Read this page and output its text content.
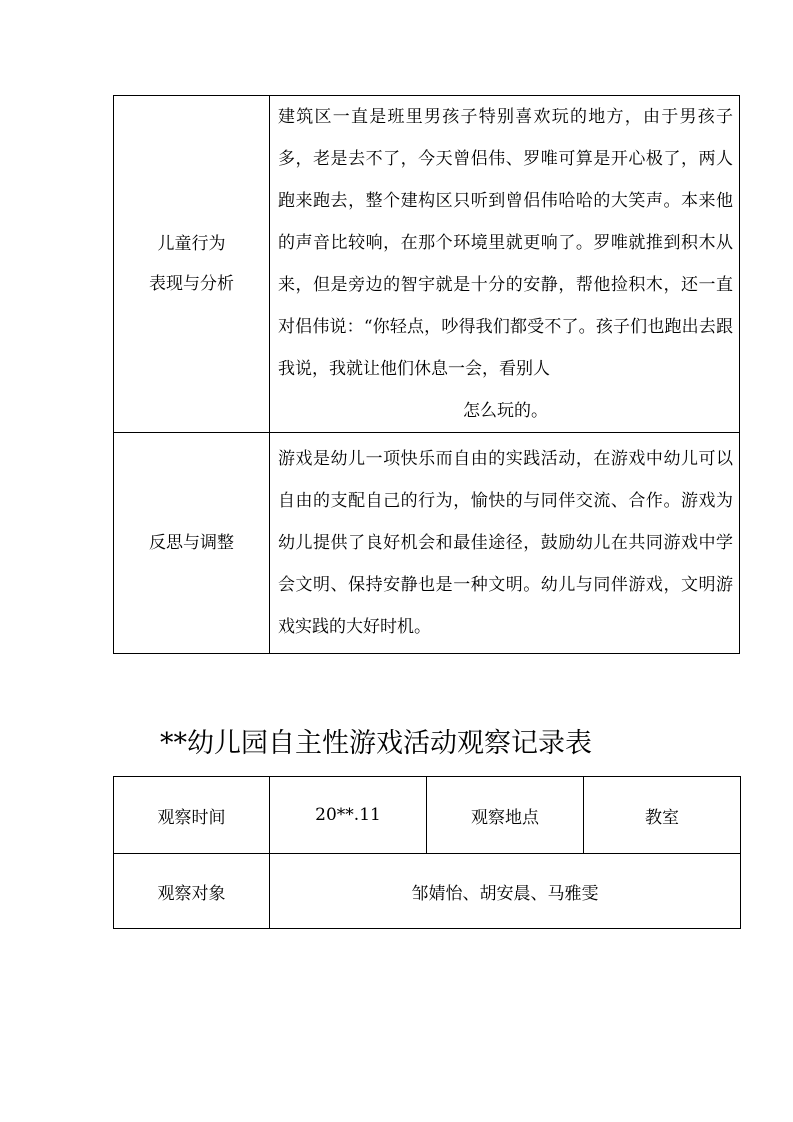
儿童行为
表现与分析	建筑区一直是班里男孩子特别喜欢玩的地方，由于男孩子多，老是去不了，今天曾侣伟、罗唯可算是开心极了，两人跑来跑去，整个建构区只听到曾侣伟哈哈的大笑声。本来他的声音比较响，在那个环境里就更响了。罗唯就推到积木从来，但是旁边的智宇就是十分的安静，帮他捡积木，还一直对侣伟说：“你轻点，吵得我们都受不了。孩子们也跑出去跟我说，我就让他们休息一会，看别人
怎么玩的。

反思与调整	游戏是幼儿一项快乐而自由的实践活动，在游戏中幼儿可以自由的支配自己的行为，愉快的与同伴交流、合作。游戏为幼儿提供了良好机会和最佳途径，鼓励幼儿在共同游戏中学会文明、保持安静也是一种文明。幼儿与同伴游戏，文明游戏实践的大好时机。
**幼儿园自主性游戏活动观察记录表
观察时间	20**.11	观察地点	教室
观察对象	邹婧怡、胡安晨、马雅雯		
